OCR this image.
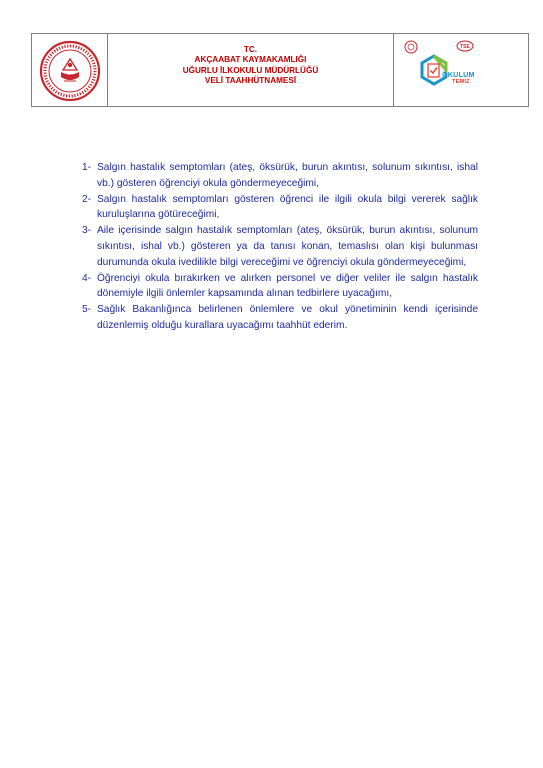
TC.
AKÇAABAT KAYMAKAMLIĞI
UĞURLU İLKOKULU MÜDÜRLÜĞÜ
VELİ TAAHHÜTNAMESİ
TSE
OKULUM
TEMİZ
1- Salgın hastalık semptomları (ateş, öksürük, burun akıntısı, solunum sıkıntısı, ishal vb.) gösteren öğrenciyi okula göndermeyeceğimi,
2- Salgın hastalık semptomları gösteren öğrenci ile ilgili okula bilgi vererek sağlık kuruluşlarına götüreceğimi,
3- Aile içerisinde salgın hastalık semptomları (ateş, öksürük, burun akıntısı, solunum sıkıntısı, ishal vb.) gösteren ya da tanısı konan, temaslısı olan kişi bulunması durumunda okula ivedilikle bilgi vereceğimi ve öğrenciyi okula göndermeyeceğimi,
4- Öğrenciyi okula bırakırken ve alırken personel ve diğer veliler ile salgın hastalık dönemiyle ilgili önlemler kapsamında alınan tedbirlere uyacağımı,
5- Sağlık Bakanlığınca belirlenen önlemlere ve okul yönetiminin kendi içerisinde düzenlemiş olduğu kurallara uyacağımı taahhüt ederim.
